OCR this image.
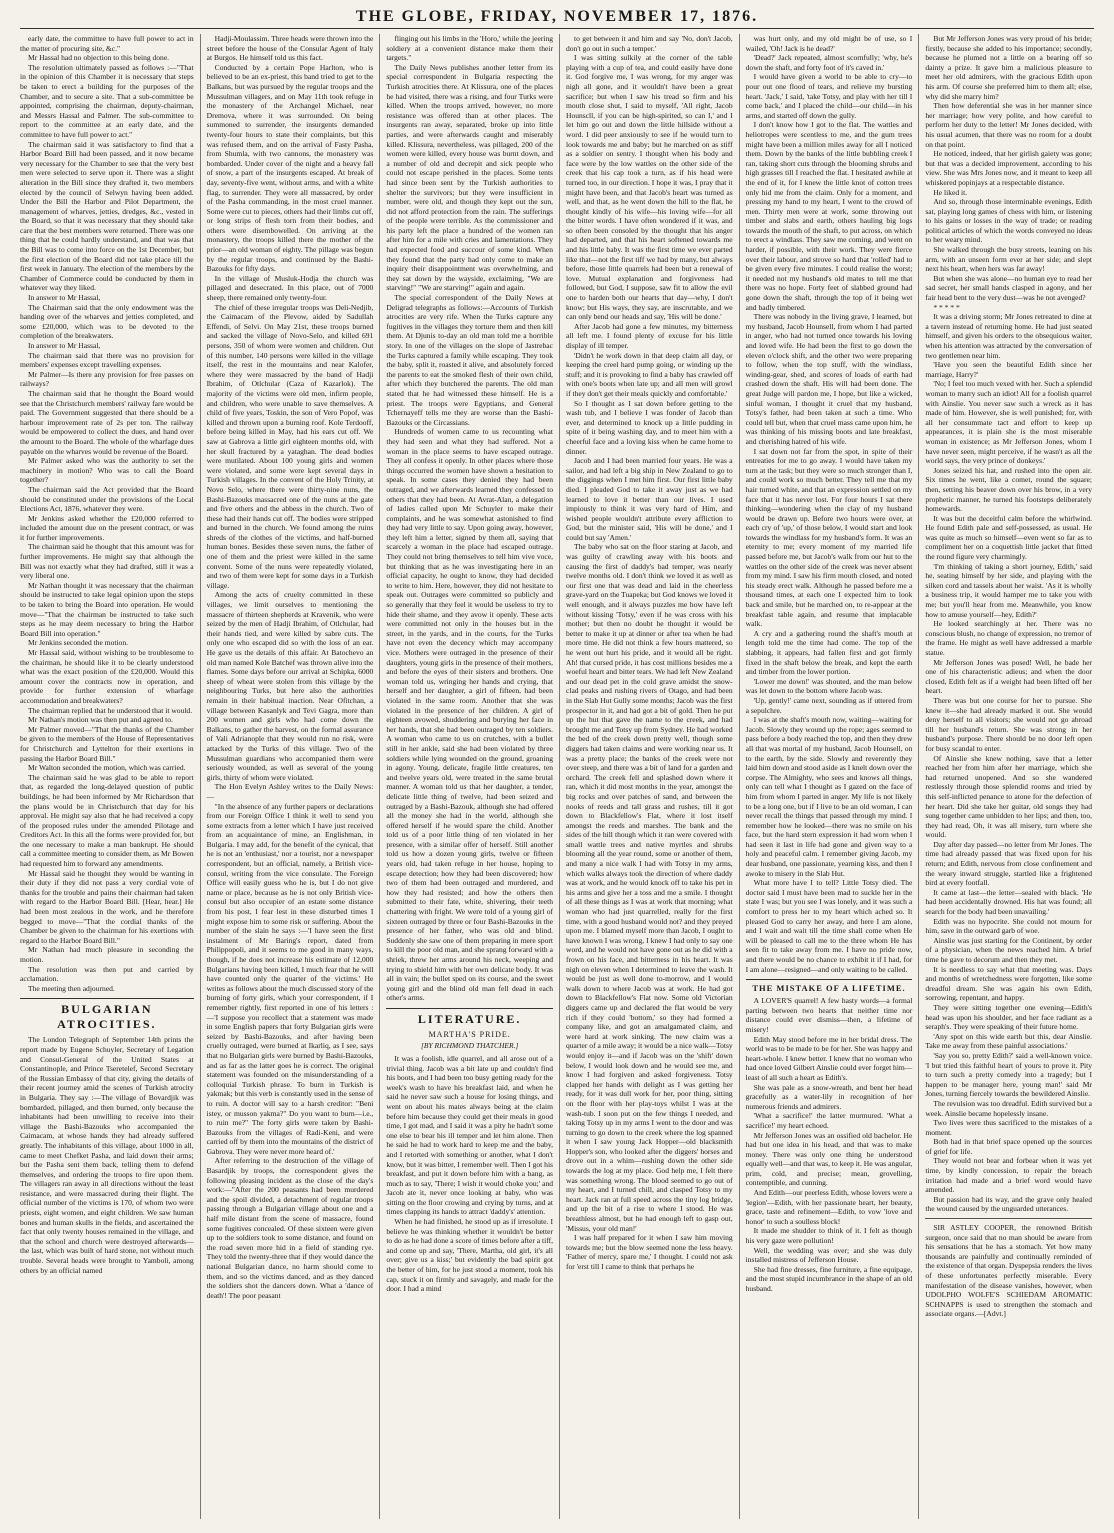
THE GLOBE, FRIDAY, NOVEMBER 17, 1876.

early date, the committee to have full power to act in the matter of procuring site, &c."

Mr Hassal had no objection to this being done.

The resolution ultimately passed as follows :—"That in the opinion of this Chamber it is necessary that steps be taken to erect a building for the purposes of the Chamber, and to secure a site. That a sub-committee be appointed, comprising the chairman, deputy-chairman, and Messrs Hassal and Palmer. The sub-committee to report to the committee at an early date, and the committee to have full power to act."

The chairman said it was satisfactory to find that a Harbor Board Bill had been passed, and it now became very necessary for the Chamber to see that the very best men were selected to serve upon it. There was a slight alteration in the Bill since they drafted it, two members elected by the council of Selwyn having been added. Under the Bill the Harbor and Pilot Department, the management of wharves, jetties, dredges, &c., vested in the Board, so that it was necessary that they should take care that the best members were returned. There was one thing that he could hardly understand, and that was that the Bill was to come into force on the 1st December, but the first election of the Board did not take place till the first week in January. The election of the members by the Chamber of Commerce could be conducted by them in whatever way they liked.

In answer to Mr Hassal,

The Chairman said that the only endowment was the handing over of the wharves and jetties completed, and some £20,000, which was to be devoted to the completion of the breakwaters.

In answer to Mr Hassal,

The chairman said that there was no provision for members' expenses except travelling expenses.

Mr Palmer—Is there any provision for free passes on railways?

The chairman said that he thought the Board would see that the Christchurch members' railway fare would be paid. The Government suggested that there should be a harbour improvement rate of 2s per ton. The railway would be empowered to collect the dues, and hand over the amount to the Board. The whole of the wharfage dues payable on the wharves would be revenue of the Board.

Mr Palmer asked who was the authority to set the machinery in motion? Who was to call the Board together?

The chairman said the Act provided that the Board should be constituted under the provisions of the Local Elections Act, 1876, whatever they were.

Mr Jenkins asked whether the £20,000 referred to included the amount due on the present contract, or was it for further improvements.

The chairman said he thought that this amount was for further improvements. He might say that although the Bill was not exactly what they had drafted, still it was a very liberal one.

Mr Nathan thought it was necessary that the chairman should be instructed to take legal opinion upon the steps to be taken to bring the Board into operation. He would move—"That the chairman be instructed to take such steps as he may deem necessary to bring the Harbor Board Bill into operation."

Mr Jenkins seconded the motion.

Mr Hassal said, without wishing to be troublesome to the chairman, he should like it to be clearly understood what was the exact position of the £20,000. Would this amount cover the contracts now in operation, and provide for further extension of wharfage accommodation and breakwaters?

The chairman replied that he understood that it would.

Mr Nathan's motion was then put and agreed to.

Mr Palmer moved—"That the thanks of the Chamber be given to the members of the House of Representatives for Christchurch and Lyttelton for their exertions in passing the Harbor Board Bill."

Mr Walton seconded the motion, which was carried.

The chairman said he was glad to be able to report that, as regarded the long-delayed question of public buildings, he had been informed by Mr Richardson that the plans would be in Christchurch that day for his approval. He might say also that he had received a copy of the proposed rules under the amended Pilotage and Creditors Act. In this all the forms were provided for, but the one necessary to make a man bankrupt. He should call a committee meeting to consider them, as Mr Bowen had requested him to forward any amendments.

Mr Hassal said he thought they would be wanting in their duty if they did not pass a very cordial vote of thanks for the trouble and pains their chairman had taken with regard to the Harbor Board Bill. [Hear, hear.] He had been most zealous in the work, and he therefore begged to move—"That the cordial thanks of the Chamber be given to the chairman for his exertions with regard to the Harbor Board Bill."

Mr Nathan had much pleasure in seconding the motion.

The resolution was then put and carried by acclamation.

The meeting then adjourned.

BULGARIAN ATROCITIES.

The London Telegraph of September 14th prints the report made by Eugene Schuyler, Secretary of Legation and Consul-General of the United States at Constantinople, and Prince Tseretelef, Second Secretary of the Russian Embassy of that city, giving the details of their recent journey amid the scenes of Turkish atrocity in Bulgaria. They say :—The village of Bovardjik was bombarded, pillaged, and then burned, only because the inhabitants had been unwilling to receive into their village the Bashi-Bazouks who accompanied the Caimacam, at whose hands they had already suffered greatly. The inhabitants of this village, about 1000 in all, came to meet Chefket Pasha, and laid down their arms; but the Pasha sent them back, telling them to defend themselves, and ordering the troops to fire upon them. The villagers ran away in all directions without the least resistance, and were massacred during their flight. The official number of the victims is 170, of whom two were priests, eight women, and eight children. We saw human bones and human skulls in the fields, and ascertained the fact that only twenty houses remained in the village, and that the school and church were destroyed afterwards—the last, which was built of hard stone, not without much trouble. Several heads were brought to Yamboli, among others by an official named

Hadji-Moulassim. Three heads were thrown into the street before the house of the Consular Agent of Italy at Burgos. He himself told us this fact.

Conducted by a certain Pope Harlton, who is believed to be an ex-priest, this band tried to get to the Balkans, but was pursued by the regular troops and the Mussulman villagers, and on May 11th took refuge in the monastery of the Archangel Michael, near Dremova, where it was surrounded. On being summoned to surrender, the insurgents demanded twenty-four hours to state their complaints, but this was refused them, and on the arrival of Fasty Pasha, from Shumla, with two cannons, the monastery was bombarded. Under cover of the night and a heavy fall of snow, a part of the insurgents escaped. At break of day, seventy-five went, without arms, and with a white flag, to surrender. They were all massacred, by order of the Pasha commanding, in the most cruel manner. Some were cut to pieces, others had their limbs cut off, or long strips of flesh torn from their bodies, and others were disembowelled. On arriving at the monastery, the troops killed there the mother of the prior—an old woman of eighty. The pillage was begun by the regular troops, and continued by the Bashi-Bazouks for fifty days.

In the village of Musluk-Hodja the church was pillaged and desecrated. In this place, out of 7000 sheep, there remained only twenty-four.

The chief of these irregular troops was Deli-Nedjib, the Caimacam of the Plevow, aided by Sadullah Effendi, of Selvi. On May 21st, these troops burned and sacked the village of Novo-Selo, and killed 691 persons, 350 of whom were women and children. Out of this number, 140 persons were killed in the village itself, the rest in the mountains and near Kalofer, where they were massacred by the band of Hadji Ibrahim, of Otlchular (Caza of Kazarlok). The majority of the victims were old men, infirm people, and children, who were unable to save themselves. A child of five years, Toskin, the son of Vero Popof, was killed and thrown upon a burning roof. Kole Terdooff, before being killed in May, had his ears cut off. We saw at Gabrova a little girl eighteen months old, with her skull fractured by a yataghan. The dead bodies were mutilated. About 100 young girls and women were violated, and some were kept several days in Turkish villages. In the convent of the Holy Trinity, at Novo Selo, where there were thirty-nine nuns, the Bashi-Bazouks massacred one of the nuns at the gate and five others and the abbess in the church. Two of these had their hands cut off. The bodies were stripped and burned in the church. We found among the ruins shreds of the clothes of the victims, and half-burned human bones. Besides these seven nuns, the father of one of them and the priest were killed in the same convent. Some of the nuns were repeatedly violated, and two of them were kept for some days in a Turkish village.

Among the acts of cruelty committed in these villages, we limit ourselves to mentioning the massacre of thirteen shepherds at Kravenik, who were seized by the men of Hadji Ibrahim, of Otlchular, had their hands tied, and were killed by sabre cuts. The only one who escaped did so with the loss of an ear. He gave us the details of this affair. At Batochevo an old man named Kole Batchef was thrown alive into the flames. Some days before our arrival at Schipka, 6000 sheep of wheat were stolen from this village by the neighbouring Turks, but here also the authorities remain in their habitual inaction. Near Ofitchan, a village between Kasanlyk and Tevi Gagra, more than 200 women and girls who had come down the Balkans, to gather the harvest, on the formal assurance of Vali Adrianople that they would run no risk, were attacked by the Turks of this village. Two of the Mussulman guardians who accompanied them were seriously wounded, as well as several of the young girls, thirty of whom were violated.

The Hon Evelyn Ashley writes to the Daily News:—

"In the absence of any further papers or declarations from our Foreign Office I think it well to send you some extracts from a letter which I have just received from an acquaintance of mine, an Englishman, in Bulgaria. I may add, for the benefit of the cynical, that he is not an 'enthusiast,' nor a tourist, nor a newspaper correspondent, but an official, namely, a British vice-consul, writing from the vice consulate. The Foreign Office will easily guess who he is, but I do not give name or place, because as he is not only British vice-consul but also occupier of an estate some distance from his post, I fear lest in these disturbed times I might expose him to some risk or suffering. About the number of the slain he says :—'I have seen the first instalment of Mr Baring's report, dated from Philippopoli, and it seems to me good in many ways, though, if he does not increase his estimate of 12,000 Bulgarians having been killed, I much fear that he will have counted only the quarter of the victims.' He writes as follows about the much discussed story of the burning of forty girls, which your correspondent, if I remember rightly, first reported in one of his letters :—'I suppose you recollect that a statement was made in some English papers that forty Bulgarian girls were seized by Bashi-Bazouks, and after having been cruelly outraged, were burned at Ikarliq, as I see, says that no Bulgarian girls were burned by Bashi-Bazouks, and as far as the latter goes he is correct. The original statement was founded on the misunderstanding of a colloquial Turkish phrase. To burn in Turkish is yakmak; but this verb is constantly used in the sense of to ruin. A doctor will say to a harsh creditor: "Beni istey, or musson yakma?" Do you want to burn—i.e., to ruin me?" The forty girls were taken by Bashi-Bazouks from the villages of Radi-Keni, and were carried off by them into the mountains of the district of Gabrova. They were never more heard of.'

After referring to the destruction of the village of Basardjik by troops, the correspondent gives the following pleasing incident as the close of the day's work:—"After the 200 peasants had been murdered and the spoil divided, a detachment of regular troops passing through a Bulgarian village about one and a half mile distant from the scene of massacre, found some fugitives concealed. Of these sixteen were given up to the soldiers took to some distance, and found on the road seven more hid in a field of standing rye. They told the twenty-three that if they would dance the national Bulgarian dance, no harm should come to them, and so the victims danced, and as they danced the soldiers shot the dancers down. What a 'dance of death'! The poor peasant

flinging out his limbs in the 'Horo,' while the jeering soldiery at a convenient distance make them their targets."

The Daily News publishes another letter from its special correspondent in Bulgaria respecting the Turkish atrocities there. At Klissura, one of the places he had visited, there was a rising, and four Turks were killed. When the troops arrived, however, no more resistance was offered than at other places. The insurgents ran away, separated, broke up into little parties, and were afterwards caught and miserably killed. Klissura, nevertheless, was pillaged, 200 of the women were killed, every house was burnt down, and a number of old and decrepit and sick people who could not escape perished in the places. Some tents had since been sent by the Turkish authorities to shelter the survivors; but they were insufficient in number, were old, and though they kept out the sun, did not afford protection from the rain. The sufferings of the people were terrible. As the commissioner and his party left the place a hundred of the women ran after him for a mile with cries and lamentations. They had expected food and succour of some kind. When they found that the party had only come to make an inquiry their disappointment was overwhelming, and they sat down by the wayside, exclaiming, "We are starving!" "We are starving!" again and again.

The special correspondent of the Daily News at Deligrad telegraphs as follows:—Accounts of Turkish atrocities are very rife. When the Turks capture any fugitives in the villages they torture them and then kill them. At Djunis to-day an old man told me a horrible story. In one of the villages on the slope of Jastrebac the Turks captured a family while escaping. They took the baby, split it, roasted it alive, and absolutely forced the parents to eat the smoked flesh of their own child, after which they butchered the parents. The old man stated that he had witnessed these himself. He is a priest. The troops were Egyptians, and General Tchernayeff tells me they are worse than the Bashi-Bazouks or the Circassians.

Hundreds of women came to us recounting what they had seen and what they had suffered. Not a woman in the place seems to have escaped outrage. They all confess it openly. In other places where those things occurred the women have shown a hesitation to speak. In some cases they denied they had been outraged, and we afterwards learned they confessed to others that they had been. At Avrat-Alan, a delegation of ladies called upon Mr Schuyler to make their complaints, and he was somewhat astonished to find they had very little to say. Upon going away, however, they left him a letter, signed by them all, saying that scarcely a woman in the place had escaped outrage. They could not bring themselves to tell him vive voce, but thinking that as he was investigating here in an official capacity, he ought to know, they had decided to write to him. Here, however, they did not hesitate to speak out. Outrages were committed so publicly and so generally that they feel it would be useless to try to hide their shame, and they avow it openly. These acts were committed not only in the houses but in the street, in the yards, and in the courts, for the Turks have not even the decency which may accompany vice. Mothers were outraged in the presence of their daughters, young girls in the presence of their mothers, and before the eyes of their sisters and brothers. One woman told us, wringing her hands and crying, that herself and her daughter, a girl of fifteen, had been violated in the same room. Another that she was violated in the presence of her children. A girl of eighteen avowed, shuddering and burying her face in her hands, that she had been outraged by ten soldiers. A woman who came to us on crutches, with a bullet still in her ankle, said she had been violated by three soldiers while lying wounded on the ground, groaning in agony. Young, delicate, fragile little creatures, ten and twelve years old, were treated in the same brutal manner. A woman told us that her daughter, a tender, delicate little thing of twelve, had been seized and outraged by a Bashi-Bazouk, although she had offered all the money she had in the world, although she offered herself if he would spare the child. Another told us of a poor little thing of ten violated in her presence, with a similar offer of herself. Still another told us how a dozen young girls, twelve or fifteen years old, had taken refuge in her house, hoping to escape detection; how they had been discovered; how two of them had been outraged and murdered, and how they had resisted; and how the others then submitted to their fate, white, shivering, their teeth chattering with fright. We were told of a young girl of sixteen outraged by three or four Bashi-Bazouks in the presence of her father, who was old and blind. Suddenly she saw one of them preparing in mere sport to kill the poor old man, and she sprang forward with a shriek, threw her arms around his neck, weeping and trying to shield him with her own delicate body. It was all in vain; the bullet sped on its course, and the sweet young girl and the blind old man fell dead in each other's arms.

LITERATURE.
MARTHA'S PRIDE.
[BY RICHMOND THATCHER.]

It was a foolish, idle quarrel, and all arose out of a trivial thing. Jacob was a bit late up and couldn't find his boots, and I had been too busy getting ready for the week's wash to have his breakfast laid, and when he said he never saw such a house for losing things, and went on about his mates always being at the claim before him because they could get their meals in good time, I got mad, and I said it was a pity he hadn't some one else to bear his ill temper and let him alone. Then he said he had to work hard to keep me and the baby, and I retorted with something or another, what I don't know, but it was bitter, I remember well. Then I got his breakfast, and put it down before him with a bang, as much as to say, 'There; I wish it would choke you;' and Jacob ate it, never once looking at baby, who was sitting on the floor crowing and crying by turns, and at times clapping its hands to attract 'daddy's' attention.

When he had finished, he stood up as if irresolute. I believe he was thinking whether it wouldn't be better to do as he had done a score of times before after a tiff, and come up and say, 'There, Martha, old girl, it's all over; give us a kiss;' but evidently the bad spirit got the better of him, for he just stood a moment, took his cap, stuck it on firmly and savagely, and made for the door. I had a mind

to get between it and him and say 'No, don't Jacob, don't go out in such a temper.'

I was sitting sulkily at the corner of the table playing with a cup of tea, and could easily have done it. God forgive me, I was wrong, for my anger was nigh all gone, and it wouldn't have been a great sacrifice; but when I saw his tread so firm and his mouth close shut, I said to myself, 'All right, Jacob Hounscll, if you can be high-spirited, so can I,' and I let him go out and down the little hillside without a word. I did peer anxiously to see if he would turn to look towards me and baby; but he marched on as stiff as a soldier on sentry. I thought when his body and face were by the low wattles on the other side of the creek that his cap took a turn, as if his head were turned too, in our direction. I hope it was, I pray that it might have been, and that Jacob's heart was turned as well, and that, as he went down the hill to the flat, he thought kindly of his wife—his loving wife—for all the bitter words. I have often wondered if it was, and so often been consoled by the thought that his anger had departed, and that his heart softened towards me and his little baby. It was the first time we ever parted like that—not the first tiff we had by many, but always before, those little quarrels had been but a renewal of love. Mutual explanation and forgiveness had followed, but God, I suppose, saw fit to allow the evil one to harden both our hearts that day—why, I don't know; but His ways, they say, are inscrutable, and we can only bend our heads and say, 'His will be done.'

After Jacob had gone a few minutes, my bitterness all left me. I found plenty of excuse for his little display of ill temper.

'Didn't he work down in that deep claim all day, or keeping the creel hard pump going, or winding up the stuff; and it is provoking to find a baby has crawled off with one's boots when late up; and all men will growl if they don't get their meals quickly and comfortable.'

So I thought as I sat down before getting to the wash tub, and I believe I was fonder of Jacob than ever, and determined to knock up a little pudding in spite of it being washing day, and to meet him with a cheerful face and a loving kiss when he came home to dinner.

Jacob and I had been married four years. He was a sailor, and had left a big ship in New Zealand to go to the diggings when I met him first. Our first little baby died. I pleaded God to take it away just as we had learned to love it better than our lives. I used impiously to think it was very hard of Him, and wished people wouldn't attribute every affliction to God, but the minister said, 'His will be done,' and I could but say 'Amen.'

The baby who sat on the floor staring at Jacob, and was guilty of crawling away with his boots and causing the first of daddy's bad temper, was nearly twelve months old. I don't think we loved it as well as our first one that was dead and laid in the cheerless grave-yard on the Tuapeka; but God knows we loved it well enough, and it always puzzles me how have left without kissing 'Totsy,' even if he was cross with his mother; but then no doubt he thought it would be better to make it up at dinner or after tea when he had more time. He did not think a few hours mattered, so he went out hurt his pride, and it would all be right. Ah! that cursed pride, it has cost millions besides me a woeful heart and bitter tears. We had left New Zealand and our dead pet in the cold grave amidst the snow-clad peaks and rushing rivers of Otago, and had been in the Slab Hut Gully some months; Jacob was the first prospector in it, and had got a bit of gold. Then he put up the hut that gave the name to the creek, and had brought me and Totsy up from Sydney. He had worked the bed of the creek down pretty well, though some diggers had taken claims and were working near us. It was a pretty place; the banks of the creek were not over steep, and there was a bit of land for a garden and orchard. The creek fell and splashed down where it ran, which it did most months in the year, amongst the big rocks and over patches of sand, and between the nooks of reeds and tall grass and rushes, till it got down to Blackfellow's Flat, where it lost itself amongst the reeds and marshes. The bank and the sides of the hill though which it ran were covered with small wattle trees and native myrtles and shrubs blooming all the year round, some or another of them, and many a nice walk I had with Totsy in my arms, which walks always took the direction of where daddy was at work, and he would knock off to take his pet in his arms and give her a toss and me a smile. I thought of all these things as I was at work that morning; what woman who had just quarrelled, really for the first time, with a good husband would not? and they preyed upon me. I blamed myself more than Jacob, I ought to have known I was wrong, I knew I had only to say one word, and he would not have gone out as he did with a frown on his face, and bitterness in his heart. It was nigh on eleven when I determined to leave the wash. It would be just as well done to-morrow, and I would walk down to where Jacob was at work. He had got down to Blackfellow's Flat now. Some old Victorian diggers came up and declared the flat would be very rich if they could 'bottom,' so they had formed a company like, and got an amalgamated claim, and were hard at work sinking. The new claim was a quarter of a mile away; it would be a nice walk—Totsy would enjoy it—and if Jacob was on the 'shift' down below, I would look down and he would see me, and know I had forgiven and asked forgiveness. Totsy clapped her hands with delight as I was getting her ready, for it was dull work for her, poor thing, sitting on the floor with her play-toys whilst I was at the wash-tub. I soon put on the few things I needed, and taking Totsy up in my arms I went to the door and was turning to go down to the creek where the log spanned it when I saw young Jack Hopper—old blacksmith Hopper's son, who looked after the diggers' horses and drove out in a whim—rushing down the other side towards the log at my place. God help me, I felt there was something wrong. The blood seemed to go out of my heart, and I turned chill, and clasped Totsy to my heart. Jack ran at full speed across the tiny log bridge, and up the bit of a rise to where I stood. He was breathless almost, but he had enough left to gasp out, 'Missus, your old man!'

I was half prepared for it when I saw him moving towards me; but the blow seemed none the less heavy. 'Father of mercy, spare me,' I thought. I could not ask for 'erst till I came to think that perhaps he

was hurt only, and my old might be of use, so I wailed, 'Oh! Jack is he dead?'

'Dead?' Jack repeated, almost scornfully; 'why, he's down the shaft, and forty foot of it's caved in.'

I would have given a world to be able to cry—to pour out one flood of tears, and relieve my bursting heart. 'Jack,' I said, 'take Totsy, and play with her till I come back,' and I placed the child—our child—in his arms, and started off down the gully.

I don't know how I got to the flat. The wattles and heliotropes were scentless to me, and the gum trees might have been a million miles away for all I noticed them. Down by the banks of the little bubbling creek I ran, taking short cuts through the blooming shrubs and high grasses till I reached the flat. I hesitated awhile at the end of it, for I knew the little knot of cotton trees only hid me from the claim. Only for a moment, and pressing my hand to my heart, I went to the crowd of men. Thirty men were at work, some throwing out timber and slabs and earth, others hauling big logs towards the mouth of the shaft, to put across, on which to erect a windlass. They saw me coming, and went on harder, if possible, with their work. They were fierce over their labour, and strove so hard that 'rolled' had to be given every five minutes. I could realise the worst; it needed not my husband's old mates to tell me that there was no hope. Forty feet of slabbed ground had gone down the shaft, through the top of it being wet and badly timbered.

There was nobody in the living grave, I learned, but my husband, Jacob Hounsell, from whom I had parted in anger, who had not turned once towards his loving and loved wife. He had been the first to go down the eleven o'clock shift, and the other two were preparing to follow, when the top stuff, with the windlass, winding-gear, shed, and scores of loads of earth had crashed down the shaft. His will had been done. The great Judge will pardon me, I hope, but like a wicked, sinful woman, I thought it cruel that my husband, Totsy's father, had been taken at such a time. Who could tell but, when that cruel mass came upon him, he was thinking of his missing boots and late breakfast, and cherishing hatred of his wife.

I sat down not far from the spot, in spite of their entreaties for me to go away. I would have taken my turn at the task; but they were so much stronger than I, and could work so much better. They tell me that my hair turned white, and that an expression settled on my face that it has never lost. For four hours I sat there thinking—wondering when the clay of my husband would be drawn up. Before two hours were over, at each cry of 'up,' of those below, I would start and look towards the windlass for my husband's form. It was an eternity to me; every moment of my married life passed before me, but Jacob's walk from our hut to the wattles on the other side of the creek was never absent from my mind. I saw his firm mouth closed, and noted his steady erect walk. Although he passed before me a thousand times, at each one I expected him to look back and smile, but he marched on, to re-appear at the breakfast table again, and resume that implacable walk.

A cry and a gathering round the shaft's mouth at length told me the time had come. The top of the slabbing, it appears, had fallen first and got firmly fixed in the shaft below the break, and kept the earth and timber from the lower portion.

'Lower me down!' was shouted, and the man below was let down to the bottom where Jacob was.

'Up, gently!' came next, sounding as if uttered from a sepulchre.

I was at the shaft's mouth now, waiting—waiting for Jacob. Slowly they wound up the rope; ages seemed to pass before a body reached the top, and then they drew all that was mortal of my husband, Jacob Hounsell, on to the earth, by the side. Slowly and reverently they laid him down and stood aside as I knelt down over the corpse. The Almighty, who sees and knows all things, only can tell what I thought as I gazed on the face of him from whom I parted in anger. My life is not likely to be a long one, but if I live to be an old woman, I can never recall the things that passed through my mind. I remember how he looked—there was no smile on his face, but the hard stern expression it had worn when I had seen it last in life had gone and given way to a holy and peaceful calm. I remember giving Jacob, my dear husband, one passionate, yearning kiss, and then I awoke to misery in the Slab Hut.

What more have I to tell? Little Totsy died. The doctor said I must have been mad to suckle her in the state I was; but you see I was lonely, and it was such a comfort to press her to my heart which ached so. It pleased God to carry her away, and here I am alone, and I wait and wait till the time shall come when He will be pleased to call me to the three whom He has seen fit to take away from me. I have no pride now, and there would be no chance to exhibit it if I had, for I am alone—resigned—and only waiting to be called.

THE MISTAKE OF A LIFETIME.

A LOVER'S quarrel! A few hasty words—a formal parting between two hearts that neither time nor distance could ever dismiss—then, a lifetime of misery!

Edith May stood before me in her bridal dress. The world was to be made to be for her. She was happy and heart-whole. I knew better. I knew that no woman who had once loved Gilbert Ainslie could ever forget him—least of all such a heart as Edith's.

She was pale as a snow-wreath, and bent her head gracefully as a water-lily in recognition of her numerous friends and admirers.

'What a sacrifice!' the latter murmured. 'What a sacrifice!' my heart echoed.

Mr Jefferson Jones was an ossified old bachelor. He had but one idea in his head, and that was to make money. There was only one thing he understood equally well—and that was, to keep it. He was angular, prim, cold, and precise; mean, grovelling, contemptible, and cunning.

And Edith—our peerless Edith, whose lovers were a 'legion'—Edith, with her passionate heart, her beauty, grace, taste and refinement—Edith, to vow 'love and honor' to such a soulless block!

It made me shudder to think of it. I felt as though his very gaze were pollution!

Well, the wedding was over; and she was duly installed mistress of Jefferson House.

She had fine dresses, fine furniture, a fine equipage, and the most stupid incumbrance in the shape of an old husband.

But Mr Jefferson Jones was very proud of his bride; firstly, because she added to his importance; secondly, because he plumed not a little on a bearing off so dainty a prize. It gave him a malicious pleasure to meet her old admirers, with the gracious Edith upon his arm. Of course she preferred him to them all; else, why did she marry him?

Then how deferential she was in her manner since her marriage; how very polite, and how careful to perform her duty to the letter! Mr Jones decided, with his usual acumen, that there was no room for a doubt on that point.

He noticed, indeed, that her girlish gaiety was gone; but that was a decided improvement, according to his view. She was Mrs Jones now, and it meant to keep all whiskered popinjays at a respectable distance.

He liked it.

And so, through those interminable evenings, Edith sat, playing long games of chess with him, or listening to his gains or losses in the way of trade; or reading political articles of which the words conveyed no ideas to her weary mind.

She walked through the busy streets, leaning on his arm, with an unseen form ever at her side; and slept next his heart, when hers was far away!

But when she was alone—no human eye to read her sad secret, her small hands clasped in agony, and her fair head bent to the very dust—was he not avenged?

* * * * *

It was a driving storm; Mr Jones retreated to dine at a tavern instead of returning home. He had just seated himself, and given his orders to the obsequious waiter, when his attention was attracted by the conversation of two gentlemen near him.

'Have you seen the beautiful Edith since her marriage, Harry?'

'No; I feel too much vexed with her. Such a splendid woman to marry such an idiot! All for a foolish quarrel with Ainslie. You never saw such a wreck as it has made of him. However, she is well punished; for, with all her consummate tact and effort to keep up appearances, it is plain she is the most miserable woman in existence; as Mr Jefferson Jones, whom I have never seen, might perceive, if he wasn't as all the world says, the very prince of donkeys.'

Jones seized his hat, and rushed into the open air. Six times he went, like a comet, round the square; then, setting his beaver down over his brow, in a very prophetic manner, he turned his footsteps deliberately homewards.

It was but the deceitful calm before the whirlwind. He found Edith pale and self-possessed, as usual. He was quite as much so himself—even went so far as to compliment her on a coquettish little jacket that fitted the round figure very charmingly.

'I'm thinking of taking a short journey, Edith,' said he, seating himself by her side, and playing with the silken cord and tassels about her waist. 'As it is wholly a business trip, it would hamper me to take you with me; but you'll hear from me. Meanwhile, you know how to amuse yourself—hey, Edith?'

He looked searchingly at her. There was no conscious blush, no change of expression, no tremor of the frame. He might as well have addressed a marble statue.

Mr Jefferson Jones was posed! Well, he bade her one of his characteristic adieus; and when the door closed, Edith felt as if a weight had been lifted off her heart.

There was but one course for her to pursue. She knew it—she had already marked it out. She would deny herself to all visitors; she would not go abroad till her husband's return. She was strong in her husband's purpose. There should be no door left open for busy scandal to enter.

Of Ainslie she knew nothing, save that a letter reached her from him after her marriage, which she had returned unopened. And so she wandered restlessly through those splendid rooms and tried by this self-inflicted penance to atone for the defection of her heart. Did she take her guitar, old songs they had sung together came unbidden to her lips; and then, too, they had read, Oh, it was all misery, turn where she would.

Day after day passed—no letter from Mr Jones. The time had already passed that was fixed upon for his return; and Edith, nervous from close confinement and the weary inward struggle, startled like a frightened bird at every footfall.

It came at last—the letter—sealed with black. 'He had been accidentally drowned. His hat was found; all search for the body had been unavailing.'

Edith was no hypocrite. She could not mourn for him, save in the outward garb of woe.

Ainslie was just starting for the Continent, by order of a physician, when the news reached him. A brief time he gave to decorum and then they met.

It is needless to say what that meeting was. Days and months of wretchedness were forgotten, like some dreadful dream. She was again his own Edith, sorrowing, repentant, and happy.

They were sitting together one evening—Edith's head was upon his shoulder, and her face radiant as a seraph's. They were speaking of their future home.

'Any spot on this wide earth but this, dear Ainslie. Take me away from these painful associations.'

'Say you so, pretty Edith?' said a well-known voice. 'I but tried this faithful heart of yours to prove it. Pity to turn such a pretty comedy into a tragedy; but I happen to be manager here, young man!' said Mr Jones, turning fiercely towards the bewildered Ainslie.

The revulsion was too dreadful. Edith survived but a week. Ainslie became hopelessly insane.

Two lives were thus sacrificed to the mistakes of a moment.

Both had in that brief space opened up the sources of grief for life.

They would not bear and forbear when it was yet time, by kindly concession, to repair the breach irritation had made and a brief word would have amended.

But passion had its way, and the grave only healed the wound caused by the unguarded utterances.

SIR ASTLEY COOPER, the renowned British surgeon, once said that no man should be aware from his sensations that he has a stomach. Yet how many thousands are painfully and continually reminded of the existence of that organ. Dyspepsia renders the lives of these unfortunates perfectly miserable. Every manifestation of the disease vanishes, however, when UDOLPHO WOLFE'S SCHIEDAM AROMATIC SCHNAPPS is used to strengthen the stomach and associate organs.—[Advt.]
